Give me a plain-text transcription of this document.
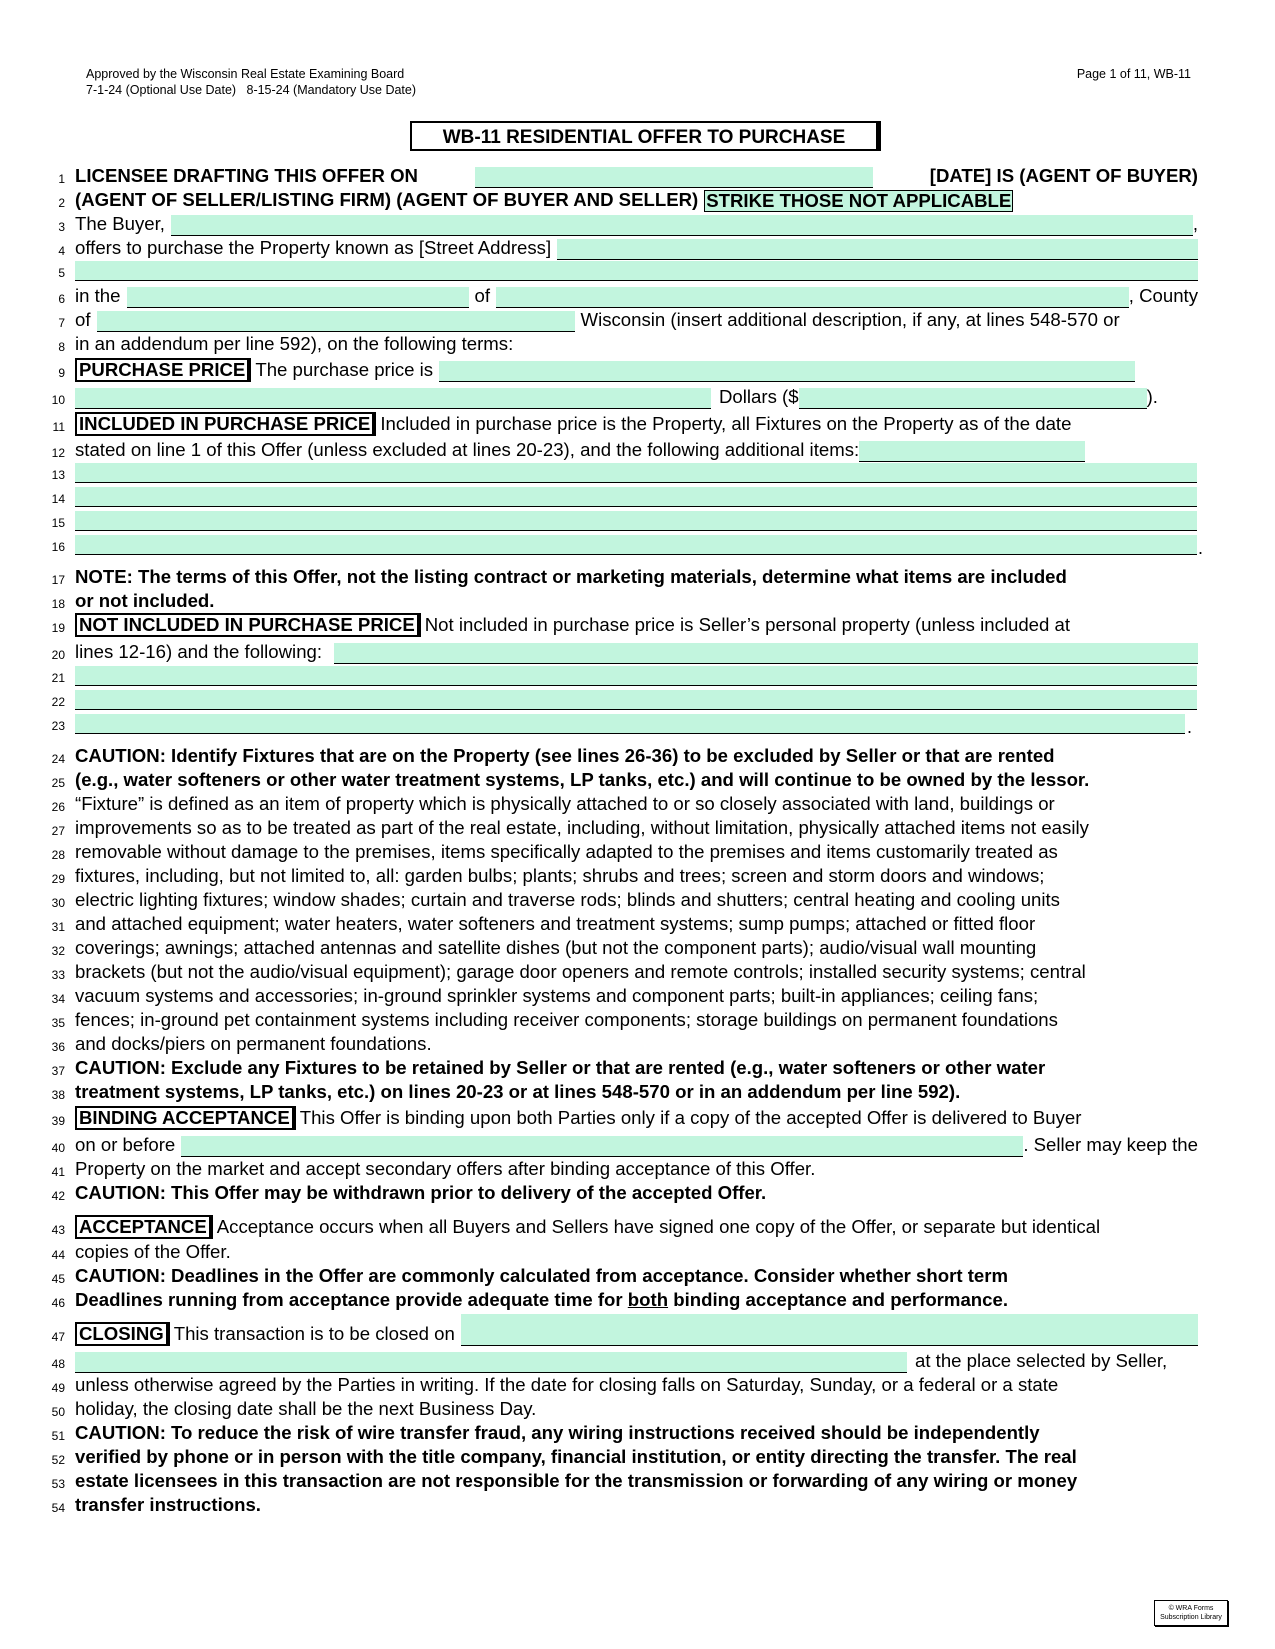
Approved by the Wisconsin Real Estate Examining Board
7-1-24 (Optional Use Date)   8-15-24 (Mandatory Use Date)
Page 1 of 11, WB-11
WB-11 RESIDENTIAL OFFER TO PURCHASE
1
2
3
4
5
6
7
8
9
10
11
12
13
14
15
16
17
18
19
20
21
22
23
24
25
26
27
28
29
30
31
32
33
34
35
36
37
38
39
40
41
42
43
44
45
46
47
48
49
50
51
52
53
54
LICENSEE DRAFTING THIS OFFER ON	[DATE] IS (AGENT OF BUYER)
(AGENT OF SELLER/LISTING FIRM) (AGENT OF BUYER AND SELLER) STRIKE THOSE NOT APPLICABLE
The Buyer,	,
offers to purchase the Property known as [Street Address]
in the	of	, County
of	Wisconsin (insert additional description, if any, at lines 548-570 or
in an addendum per line 592), on the following terms:
PURCHASE PRICE The purchase price is
Dollars ($	).
INCLUDED IN PURCHASE PRICE Included in purchase price is the Property, all Fixtures on the Property as of the date
stated on line 1 of this Offer (unless excluded at lines 20-23), and the following additional items:
.
NOTE: The terms of this Offer, not the listing contract or marketing materials, determine what items are included
or not included.
NOT INCLUDED IN PURCHASE PRICE Not included in purchase price is Seller’s personal property (unless included at
lines 12-16) and the following:
.
CAUTION: Identify Fixtures that are on the Property (see lines 26-36) to be excluded by Seller or that are rented
(e.g., water softeners or other water treatment systems, LP tanks, etc.) and will continue to be owned by the lessor.
“Fixture” is defined as an item of property which is physically attached to or so closely associated with land, buildings or
improvements so as to be treated as part of the real estate, including, without limitation, physically attached items not easily
removable without damage to the premises, items specifically adapted to the premises and items customarily treated as
fixtures, including, but not limited to, all: garden bulbs; plants; shrubs and trees; screen and storm doors and windows;
electric lighting fixtures; window shades; curtain and traverse rods; blinds and shutters; central heating and cooling units
and attached equipment; water heaters, water softeners and treatment systems; sump pumps; attached or fitted floor
coverings; awnings; attached antennas and satellite dishes (but not the component parts); audio/visual wall mounting
brackets (but not the audio/visual equipment); garage door openers and remote controls; installed security systems; central
vacuum systems and accessories; in-ground sprinkler systems and component parts; built-in appliances; ceiling fans;
fences; in-ground pet containment systems including receiver components; storage buildings on permanent foundations
and docks/piers on permanent foundations.
CAUTION: Exclude any Fixtures to be retained by Seller or that are rented (e.g., water softeners or other water
treatment systems, LP tanks, etc.) on lines 20-23 or at lines 548-570 or in an addendum per line 592).
BINDING ACCEPTANCE This Offer is binding upon both Parties only if a copy of the accepted Offer is delivered to Buyer
on or before	. Seller may keep the
Property on the market and accept secondary offers after binding acceptance of this Offer.
CAUTION: This Offer may be withdrawn prior to delivery of the accepted Offer.
ACCEPTANCE Acceptance occurs when all Buyers and Sellers have signed one copy of the Offer, or separate but identical
copies of the Offer.
CAUTION: Deadlines in the Offer are commonly calculated from acceptance. Consider whether short term
Deadlines running from acceptance provide adequate time for
both
binding acceptance and performance.
CLOSING This transaction is to be closed on
at the place selected by Seller,
unless otherwise agreed by the Parties in writing. If the date for closing falls on Saturday, Sunday, or a federal or a state
holiday, the closing date shall be the next Business Day.
CAUTION: To reduce the risk of wire transfer fraud, any wiring instructions received should be independently
verified by phone or in person with the title company, financial institution, or entity directing the transfer. The real
estate licensees in this transaction are not responsible for the transmission or forwarding of any wiring or money
transfer instructions.
© WRA Forms
Subscription Library
